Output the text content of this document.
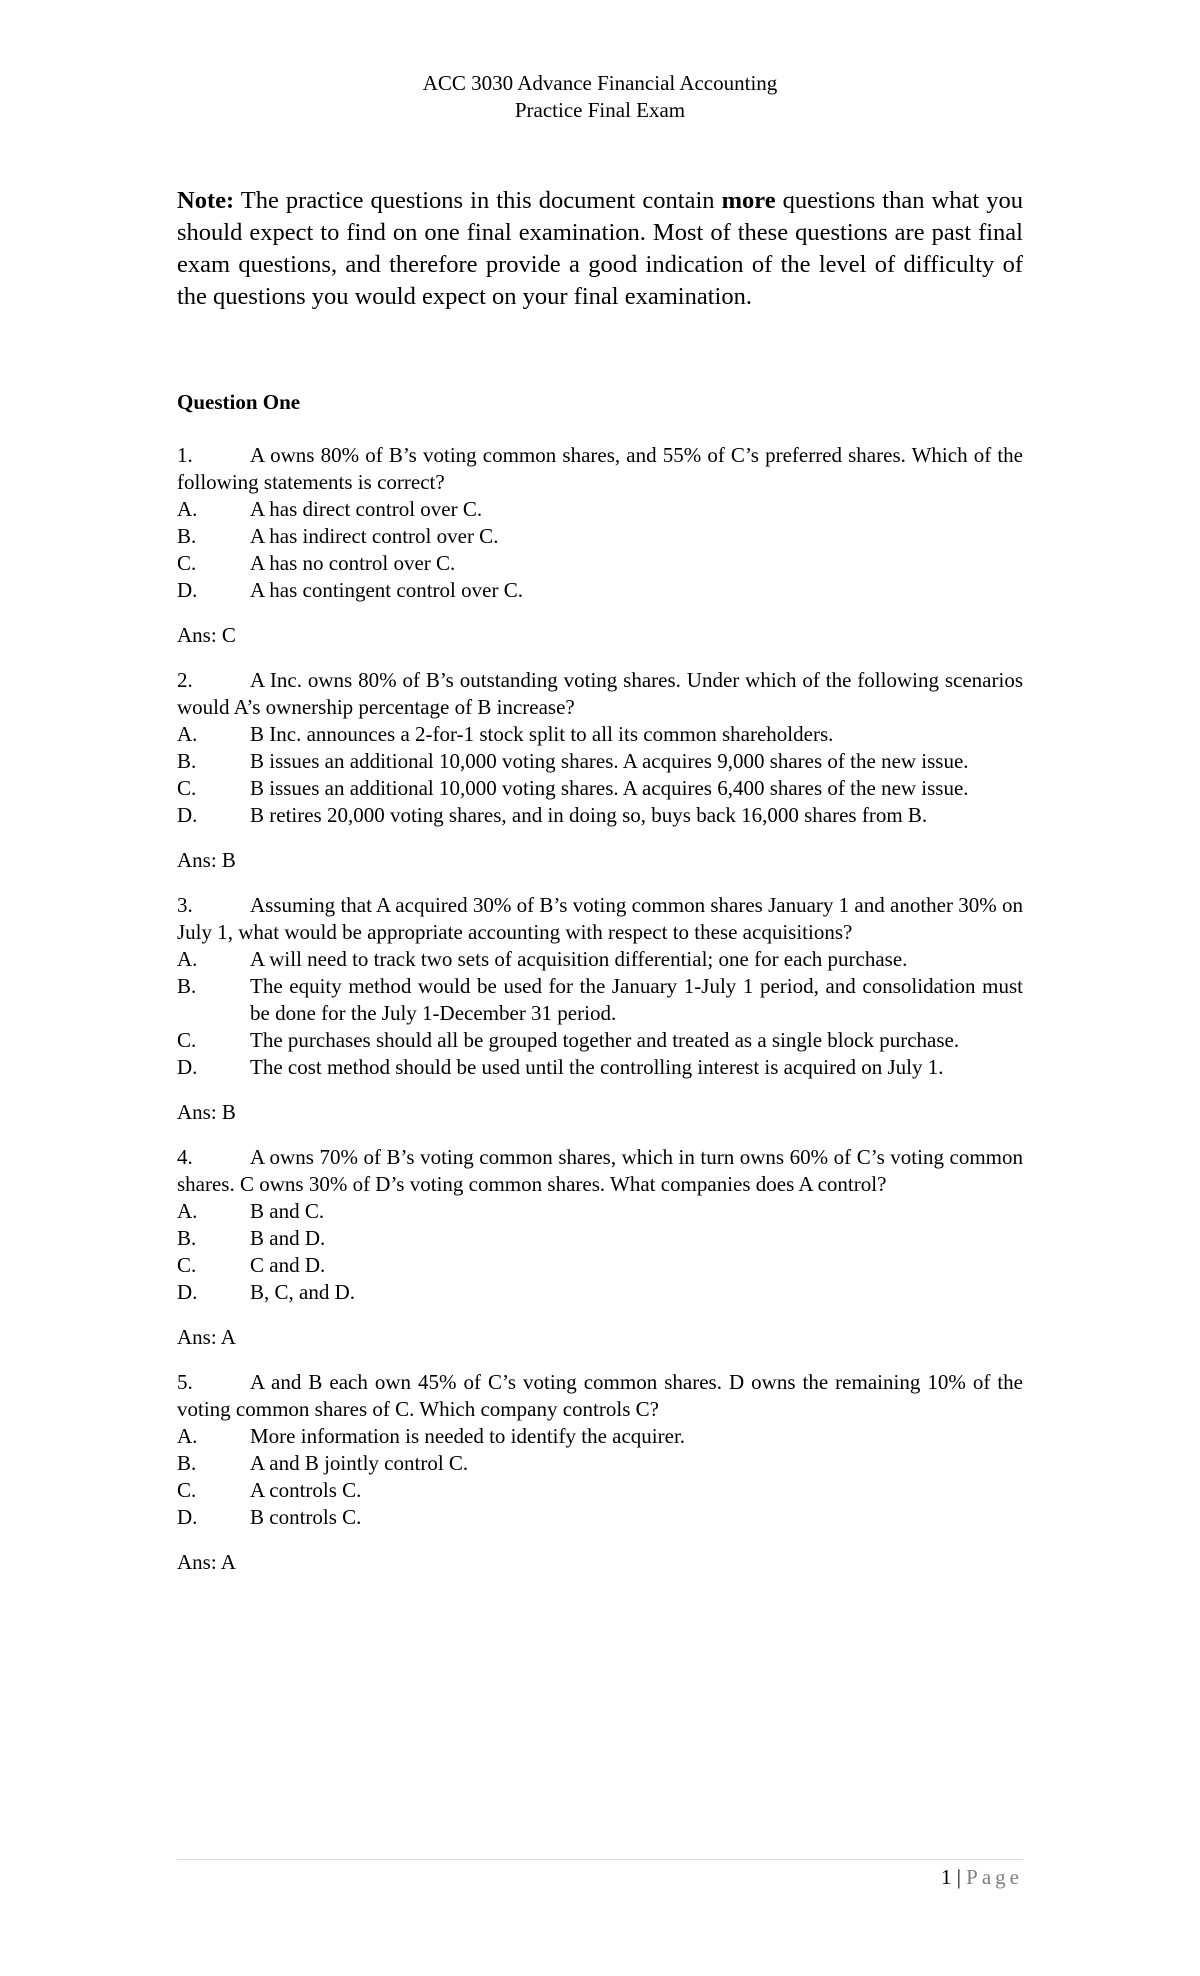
ACC 3030 Advance Financial Accounting
Practice Final Exam

Note: The practice questions in this document contain more questions than what you should expect to find on one final examination. Most of these questions are past final exam questions, and therefore provide a good indication of the level of difficulty of the questions you would expect on your final examination.

Question One

1.	A owns 80% of B’s voting common shares, and 55% of C’s preferred shares. Which of the following statements is correct?

A.	A has direct control over C.
B.	A has indirect control over C.
C.	A has no control over C.
D.	A has contingent control over C.
Ans: C

2.	A Inc. owns 80% of B’s outstanding voting shares. Under which of the following scenarios would A’s ownership percentage of B increase?

A.	B Inc. announces a 2-for-1 stock split to all its common shareholders.
B.	B issues an additional 10,000 voting shares. A acquires 9,000 shares of the new issue.
C.	B issues an additional 10,000 voting shares. A acquires 6,400 shares of the new issue.
D.	B retires 20,000 voting shares, and in doing so, buys back 16,000 shares from B.
Ans: B

3.	Assuming that A acquired 30% of B’s voting common shares January 1 and another 30% on July 1, what would be appropriate accounting with respect to these acquisitions?

A.	A will need to track two sets of acquisition differential; one for each purchase.
B.	The equity method would be used for the January 1-July 1 period, and consolidation must be done for the July 1-December 31 period.
C.	The purchases should all be grouped together and treated as a single block purchase.
D.	The cost method should be used until the controlling interest is acquired on July 1.
Ans: B

4.	A owns 70% of B’s voting common shares, which in turn owns 60% of C’s voting common shares. C owns 30% of D’s voting common shares. What companies does A control?

A.	B and C.
B.	B and D.
C.	C and D.
D.	B, C, and D.
Ans: A

5.	A and B each own 45% of C’s voting common shares. D owns the remaining 10% of the voting common shares of C. Which company controls C?

A.	More information is needed to identify the acquirer.
B.	A and B jointly control C.
C.	A controls C.
D.	B controls C.
Ans: A
1 | Page
